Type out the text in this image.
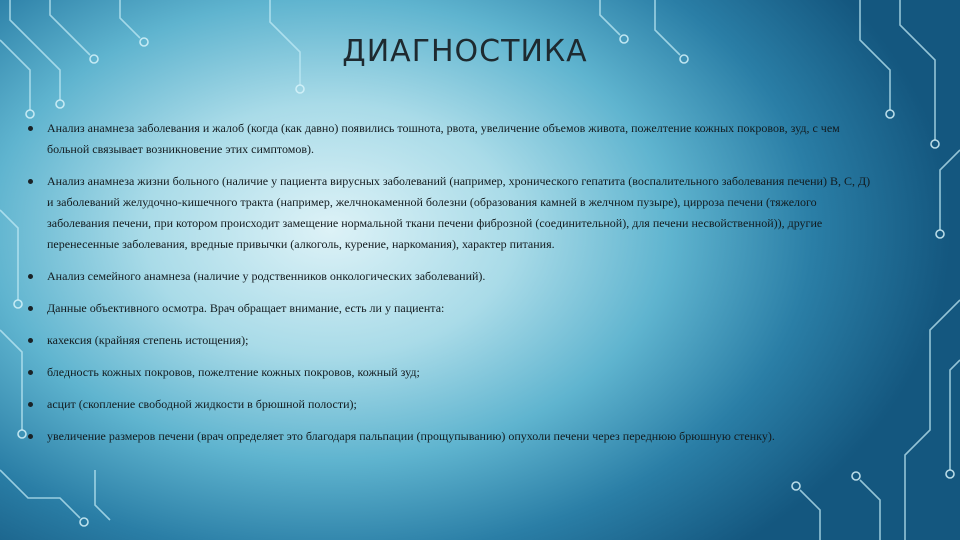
ДИАГНОСТИКА
Анализ анамнеза заболевания и жалоб (когда (как давно) появились тошнота, рвота, увеличение объемов живота, пожелтение кожных покровов, зуд, с чем больной связывает возникновение этих симптомов).
Анализ анамнеза жизни больного (наличие у пациента вирусных заболеваний (например, хронического гепатита (воспалительного заболевания печени) В, С, Д) и заболеваний желудочно-кишечного тракта (например, желчнокаменной болезни (образования камней в желчном пузыре), цирроза печени (тяжелого заболевания печени, при котором происходит замещение нормальной ткани печени фиброзной (соединительной), для печени несвойственной)), другие перенесенные заболевания, вредные привычки (алкоголь, курение, наркомания), характер питания.
Анализ семейного анамнеза (наличие у родственников онкологических заболеваний).
Данные объективного осмотра. Врач обращает внимание, есть ли у пациента:
кахексия (крайняя степень истощения);
бледность кожных покровов, пожелтение кожных покровов, кожный зуд;
асцит (скопление свободной жидкости в брюшной полости);
увеличение размеров печени (врач определяет это благодаря пальпации (прощупыванию) опухоли печени через переднюю брюшную стенку).
